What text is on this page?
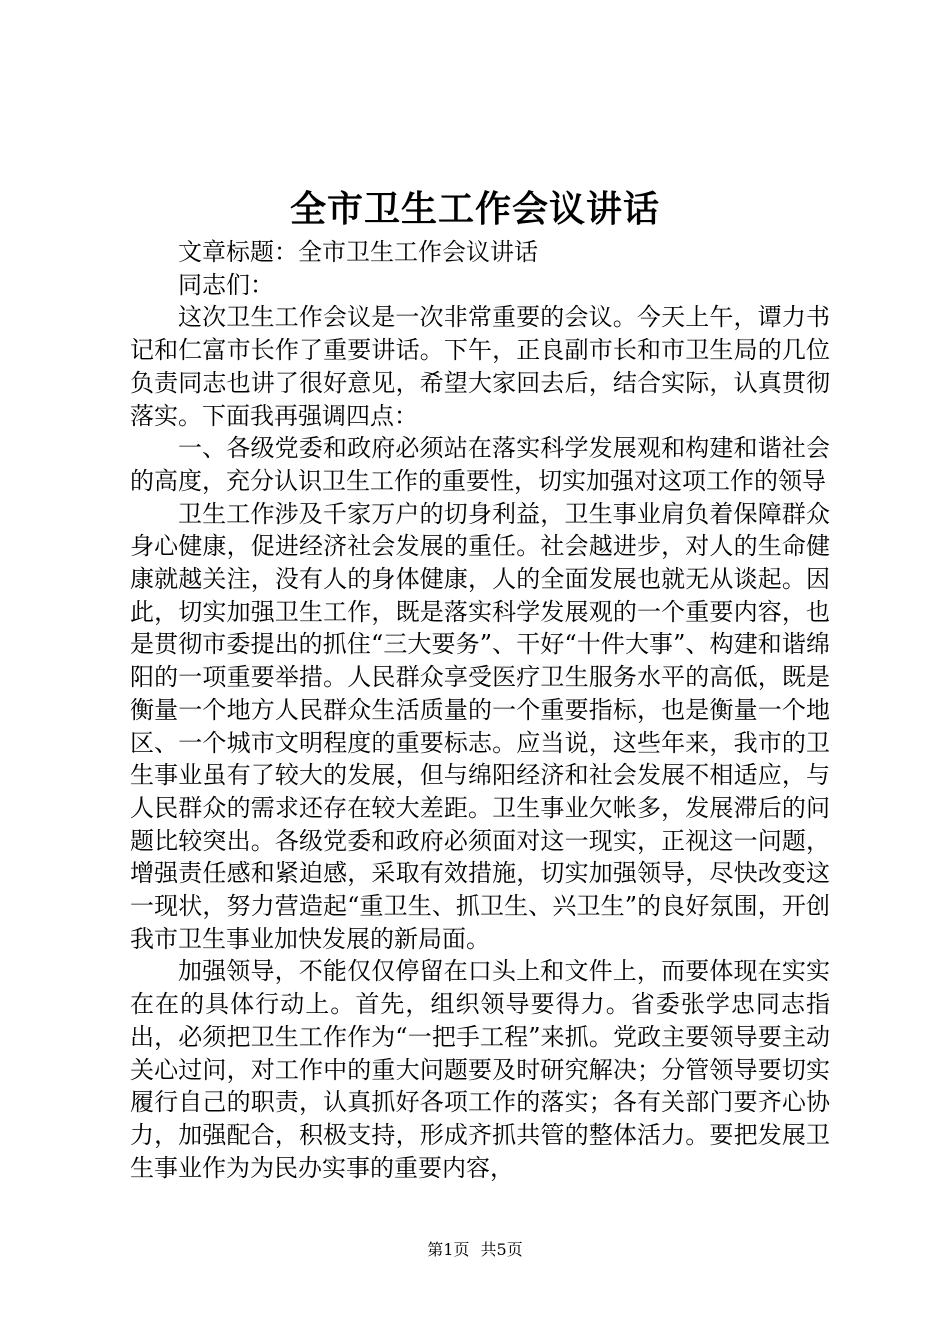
全市卫生工作会议讲话

文章标题：全市卫生工作会议讲话

同志们：

这次卫生工作会议是一次非常重要的会议。今天上午，谭力书记和仁富市长作了重要讲话。下午，正良副市长和市卫生局的几位负责同志也讲了很好意见，希望大家回去后，结合实际，认真贯彻落实。下面我再强调四点：

一、各级党委和政府必须站在落实科学发展观和构建和谐社会的高度，充分认识卫生工作的重要性，切实加强对这项工作的领导

卫生工作涉及千家万户的切身利益，卫生事业肩负着保障群众身心健康，促进经济社会发展的重任。社会越进步，对人的生命健康就越关注，没有人的身体健康，人的全面发展也就无从谈起。因此，切实加强卫生工作，既是落实科学发展观的一个重要内容，也是贯彻市委提出的抓住“三大要务”、干好“十件大事”、构建和谐绵阳的一项重要举措。人民群众享受医疗卫生服务水平的高低，既是衡量一个地方人民群众生活质量的一个重要指标，也是衡量一个地区、一个城市文明程度的重要标志。应当说，这些年来，我市的卫生事业虽有了较大的发展，但与绵阳经济和社会发展不相适应，与人民群众的需求还存在较大差距。卫生事业欠帐多，发展滞后的问题比较突出。各级党委和政府必须面对这一现实，正视这一问题，增强责任感和紧迫感，采取有效措施，切实加强领导，尽快改变这一现状，努力营造起“重卫生、抓卫生、兴卫生”的良好氛围，开创我市卫生事业加快发展的新局面。

加强领导，不能仅仅停留在口头上和文件上，而要体现在实实在在的具体行动上。首先，组织领导要得力。省委张学忠同志指出，必须把卫生工作作为“一把手工程”来抓。党政主要领导要主动关心过问，对工作中的重大问题要及时研究解决；分管领导要切实履行自己的职责，认真抓好各项工作的落实；各有关部门要齐心协力，加强配合，积极支持，形成齐抓共管的整体活力。要把发展卫生事业作为为民办实事的重要内容，

第1页 共5页
